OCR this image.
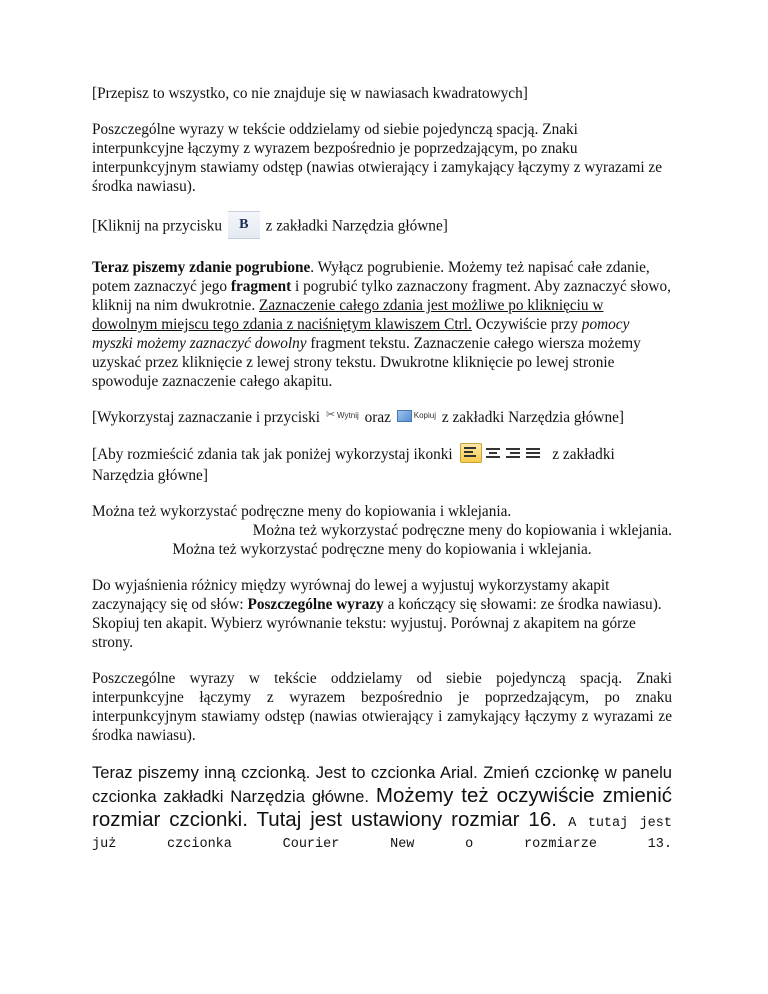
[Przepisz to wszystko, co nie znajduje się w nawiasach kwadratowych]

Poszczególne wyrazy w tekście oddzielamy od siebie pojedynczą spacją. Znaki interpunkcyjne łączymy z wyrazem bezpośrednio je poprzedzającym, po znaku interpunkcyjnym stawiamy odstęp (nawias otwierający i zamykający łączymy z wyrazami ze środka nawiasu).

[Kliknij na przycisku B z zakładki Narzędzia główne]

Teraz piszemy zdanie pogrubione. Wyłącz pogrubienie. Możemy też napisać całe zdanie, potem zaznaczyć jego fragment i pogrubić tylko zaznaczony fragment. Aby zaznaczyć słowo, kliknij na nim dwukrotnie. Zaznaczenie całego zdania jest możliwe po kliknięciu w dowolnym miejscu tego zdania z naciśniętym klawiszem Ctrl. Oczywiście przy pomocy myszki możemy zaznaczyć dowolny fragment tekstu. Zaznaczenie całego wiersza możemy uzyskać przez kliknięcie z lewej strony tekstu. Dwukrotne kliknięcie po lewej stronie spowoduje zaznaczenie całego akapitu.

[Wykorzystaj zaznaczanie i przyciski ✂ Wytnij oraz Kopiuj z zakładki Narzędzia główne]

[Aby rozmieścić zdania tak jak poniżej wykorzystaj ikonki	z zakładki Narzędzia główne]

Można też wykorzystać podręczne meny do kopiowania i wklejania.

Można też wykorzystać podręczne meny do kopiowania i wklejania.

Można też wykorzystać podręczne meny do kopiowania i wklejania.

Do wyjaśnienia różnicy między wyrównaj do lewej a wyjustuj wykorzystamy akapit zaczynający się od słów: Poszczególne wyrazy a kończący się słowami: ze środka nawiasu). Skopiuj ten akapit. Wybierz wyrównanie tekstu: wyjustuj. Porównaj z akapitem na górze strony.

Poszczególne wyrazy w tekście oddzielamy od siebie pojedynczą spacją. Znaki interpunkcyjne łączymy z wyrazem bezpośrednio je poprzedzającym, po znaku interpunkcyjnym stawiamy odstęp (nawias otwierający i zamykający łączymy z wyrazami ze środka nawiasu).

Teraz piszemy inną czcionką. Jest to czcionka Arial. Zmień czcionkę w panelu czcionka zakładki Narzędzia główne. Możemy też oczywiście zmienić rozmiar czcionki. Tutaj jest ustawiony rozmiar 16. A tutaj jest już czcionka Courier New o rozmiarze 13.
